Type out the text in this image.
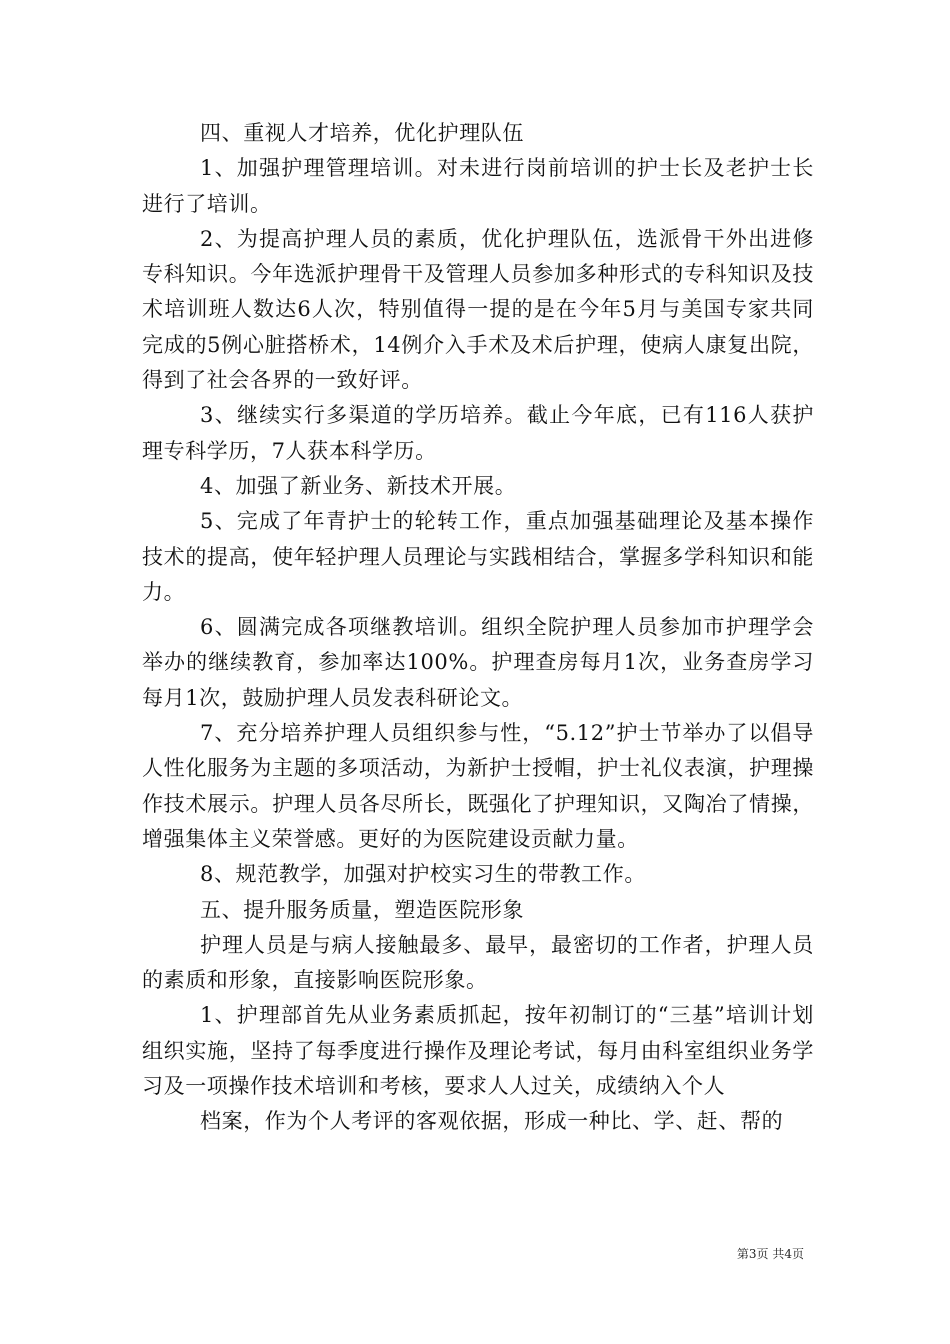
四、重视人才培养，优化护理队伍

1、加强护理管理培训。对未进行岗前培训的护士长及老护士长进行了培训。

2、为提高护理人员的素质，优化护理队伍，选派骨干外出进修专科知识。今年选派护理骨干及管理人员参加多种形式的专科知识及技术培训班人数达6人次，特别值得一提的是在今年5月与美国专家共同完成的5例心脏搭桥术，14例介入手术及术后护理，使病人康复出院，得到了社会各界的一致好评。

3、继续实行多渠道的学历培养。截止今年底，已有116人获护理专科学历，7人获本科学历。

4、加强了新业务、新技术开展。

5、完成了年青护士的轮转工作，重点加强基础理论及基本操作技术的提高，使年轻护理人员理论与实践相结合，掌握多学科知识和能力。

6、圆满完成各项继教培训。组织全院护理人员参加市护理学会举办的继续教育，参加率达100%。护理查房每月1次，业务查房学习每月1次，鼓励护理人员发表科研论文。

7、充分培养护理人员组织参与性，“5.12”护士节举办了以倡导人性化服务为主题的多项活动，为新护士授帽，护士礼仪表演，护理操作技术展示。护理人员各尽所长，既强化了护理知识，又陶冶了情操，增强集体主义荣誉感。更好的为医院建设贡献力量。

8、规范教学，加强对护校实习生的带教工作。

五、提升服务质量，塑造医院形象

护理人员是与病人接触最多、最早，最密切的工作者，护理人员的素质和形象，直接影响医院形象。

1、护理部首先从业务素质抓起，按年初制订的“三基”培训计划组织实施，坚持了每季度进行操作及理论考试，每月由科室组织业务学习及一项操作技术培训和考核，要求人人过关，成绩纳入个人

档案，作为个人考评的客观依据，形成一种比、学、赶、帮的

第3页 共4页
